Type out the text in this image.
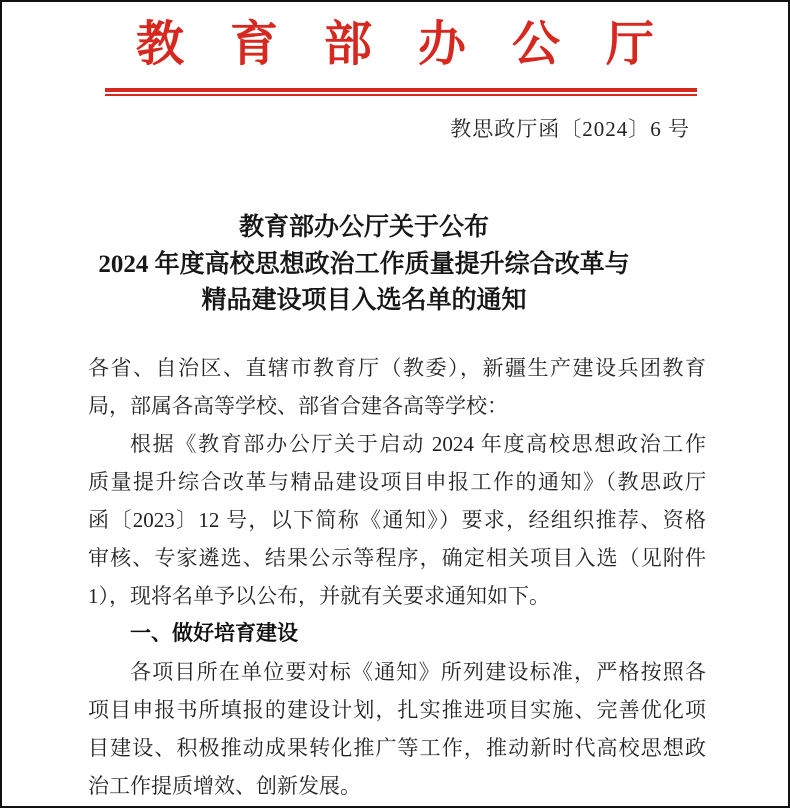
教育部办公厅
教思政厅函〔2024〕6 号
教育部办公厅关于公布
2024 年度高校思想政治工作质量提升综合改革与
精品建设项目入选名单的通知
各省、自治区、直辖市教育厅（教委），新疆生产建设兵团教育
局，部属各高等学校、部省合建各高等学校：
根据《教育部办公厅关于启动 2024 年度高校思想政治工作
质量提升综合改革与精品建设项目申报工作的通知》（教思政厅
函〔2023〕12 号，以下简称《通知》）要求，经组织推荐、资格
审核、专家遴选、结果公示等程序，确定相关项目入选（见附件
1），现将名单予以公布，并就有关要求通知如下。
一、做好培育建设
各项目所在单位要对标《通知》所列建设标准，严格按照各
项目申报书所填报的建设计划，扎实推进项目实施、完善优化项
目建设、积极推动成果转化推广等工作，推动新时代高校思想政
治工作提质增效、创新发展。
